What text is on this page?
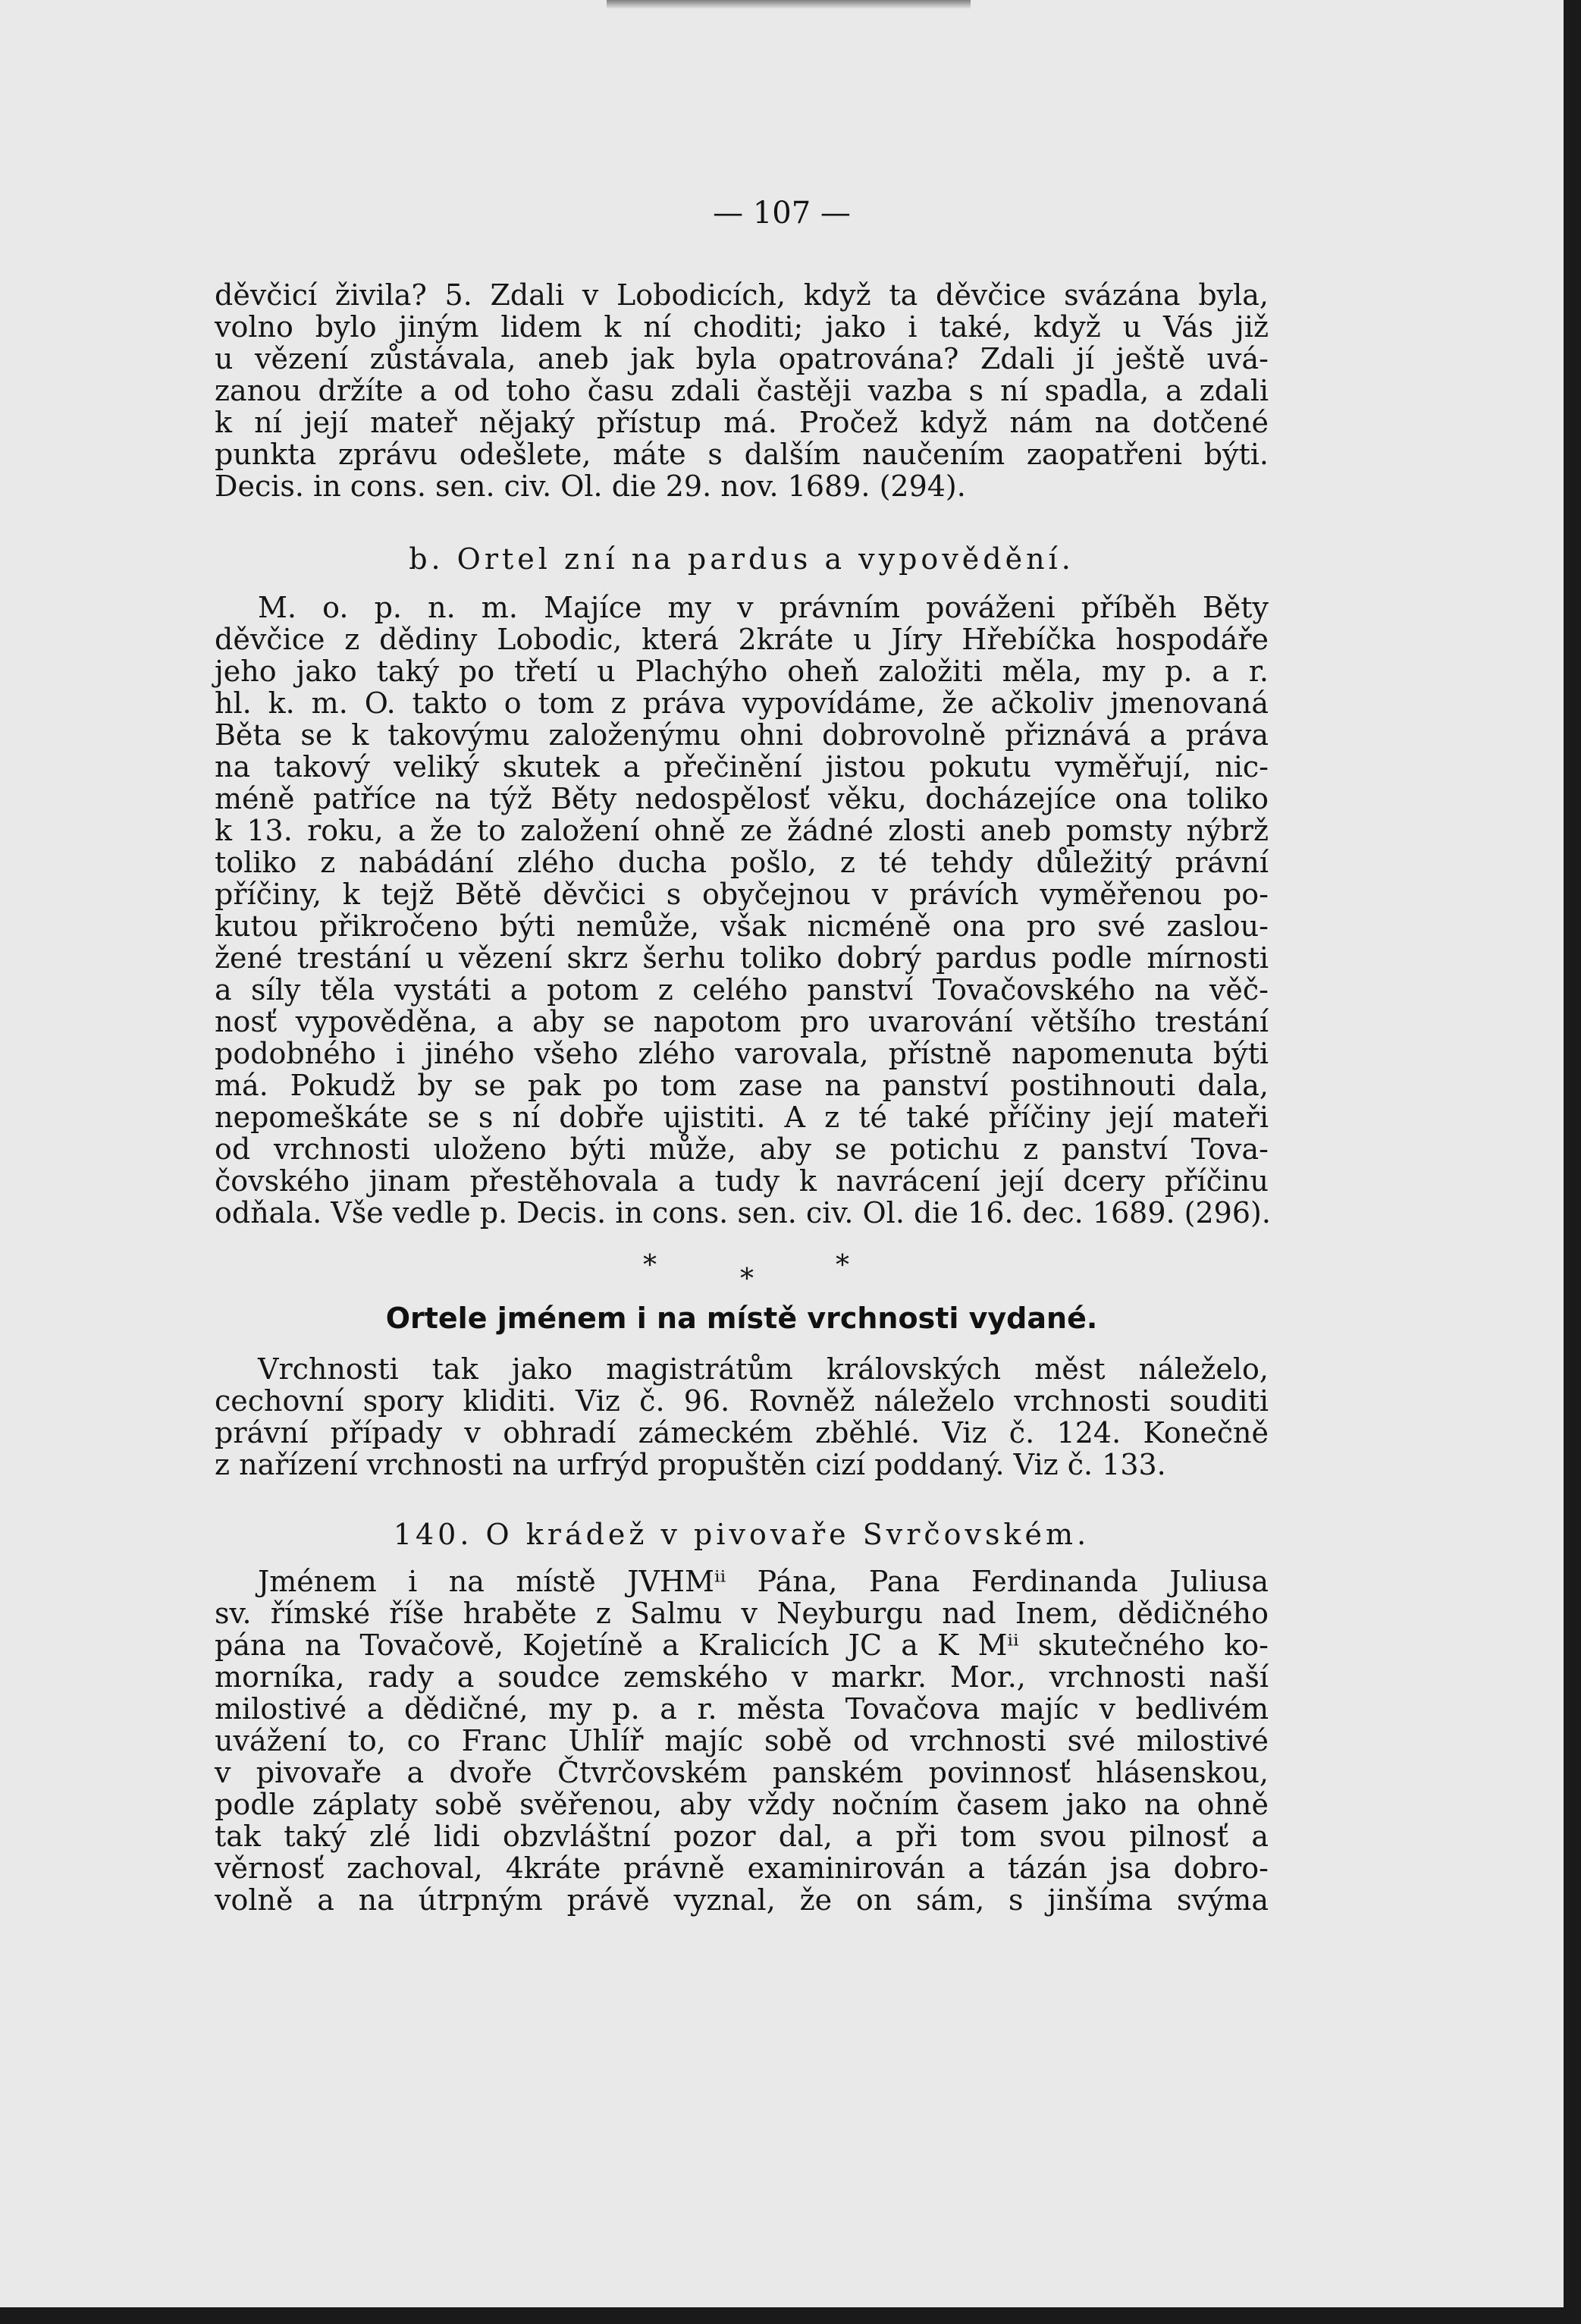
— 107 —
děvčicí živila? 5. Zdali v Lobodicích, když ta děvčice svázána byla,
volno bylo jiným lidem k ní choditi; jako i také, když u Vás již
u vězení zůstávala, aneb jak byla opatrována? Zdali jí ještě uvá-
zanou držíte a od toho času zdali častěji vazba s ní spadla, a zdali
k ní její mateř nějaký přístup má. Pročež když nám na dotčené
punkta zprávu odešlete, máte s dalším naučením zaopatřeni býti.
Decis. in cons. sen. civ. Ol. die 29. nov. 1689. (294).
b. Ortel zní na pardus a vypovědění.
M. o. p. n. m. Majíce my v právním pováženi příběh Běty
děvčice z dědiny Lobodic, která 2kráte u Jíry Hřebíčka hospodáře
jeho jako taký po třetí u Plachýho oheň založiti měla, my p. a r.
hl. k. m. O. takto o tom z práva vypovídáme, že ačkoliv jmenovaná
Běta se k takovýmu založenýmu ohni dobrovolně přiznává a práva
na takový veliký skutek a přečinění jistou pokutu vyměřují, nic-
méně patříce na týž Běty nedospělosť věku, docházejíce ona toliko
k 13. roku, a že to založení ohně ze žádné zlosti aneb pomsty nýbrž
toliko z nabádání zlého ducha pošlo, z té tehdy důležitý právní
příčiny, k tejž Bětě děvčici s obyčejnou v právích vyměřenou po-
kutou přikročeno býti nemůže, však nicméně ona pro své zaslou-
žené trestání u vězení skrz šerhu toliko dobrý pardus podle mírnosti
a síly těla vystáti a potom z celého panství Tovačovského na věč-
nosť vypověděna, a aby se napotom pro uvarování většího trestání
podobného i jiného všeho zlého varovala, přístně napomenuta býti
má. Pokudž by se pak po tom zase na panství postihnouti dala,
nepomeškáte se s ní dobře ujistiti. A z té také příčiny její mateři
od vrchnosti uloženo býti může, aby se potichu z panství Tova-
čovského jinam přestěhovala a tudy k navrácení její dcery příčinu
odňala. Vše vedle p. Decis. in cons. sen. civ. Ol. die 16. dec. 1689. (296).
*	*	*
Ortele jménem i na místě vrchnosti vydané.
Vrchnosti tak jako magistrátům královských měst náleželo,
cechovní spory kliditi. Viz č. 96. Rovněž náleželo vrchnosti souditi
právní případy v obhradí zámeckém zběhlé. Viz č. 124. Konečně
z nařízení vrchnosti na urfrýd propuštěn cizí poddaný. Viz č. 133.
140. O krádež v pivovaře Svrčovském.
Jménem i na místě JVHMⁱⁱ Pána, Pana Ferdinanda Juliusa
sv. římské říše hraběte z Salmu v Neyburgu nad Inem, dědičného
pána na Tovačově, Kojetíně a Kralicích JC a K Mⁱⁱ skutečného ko-
morníka, rady a soudce zemského v markr. Mor., vrchnosti naší
milostivé a dědičné, my p. a r. města Tovačova majíc v bedlivém
uvážení to, co Franc Uhlíř majíc sobě od vrchnosti své milostivé
v pivovaře a dvoře Čtvrčovském panském povinnosť hlásenskou,
podle záplaty sobě svěřenou, aby vždy nočním časem jako na ohně
tak taký zlé lidi obzvláštní pozor dal, a při tom svou pilnosť a
věrnosť zachoval, 4kráte právně examinirován a tázán jsa dobro-
volně a na útrpným právě vyznal, že on sám, s jinšíma svýma
